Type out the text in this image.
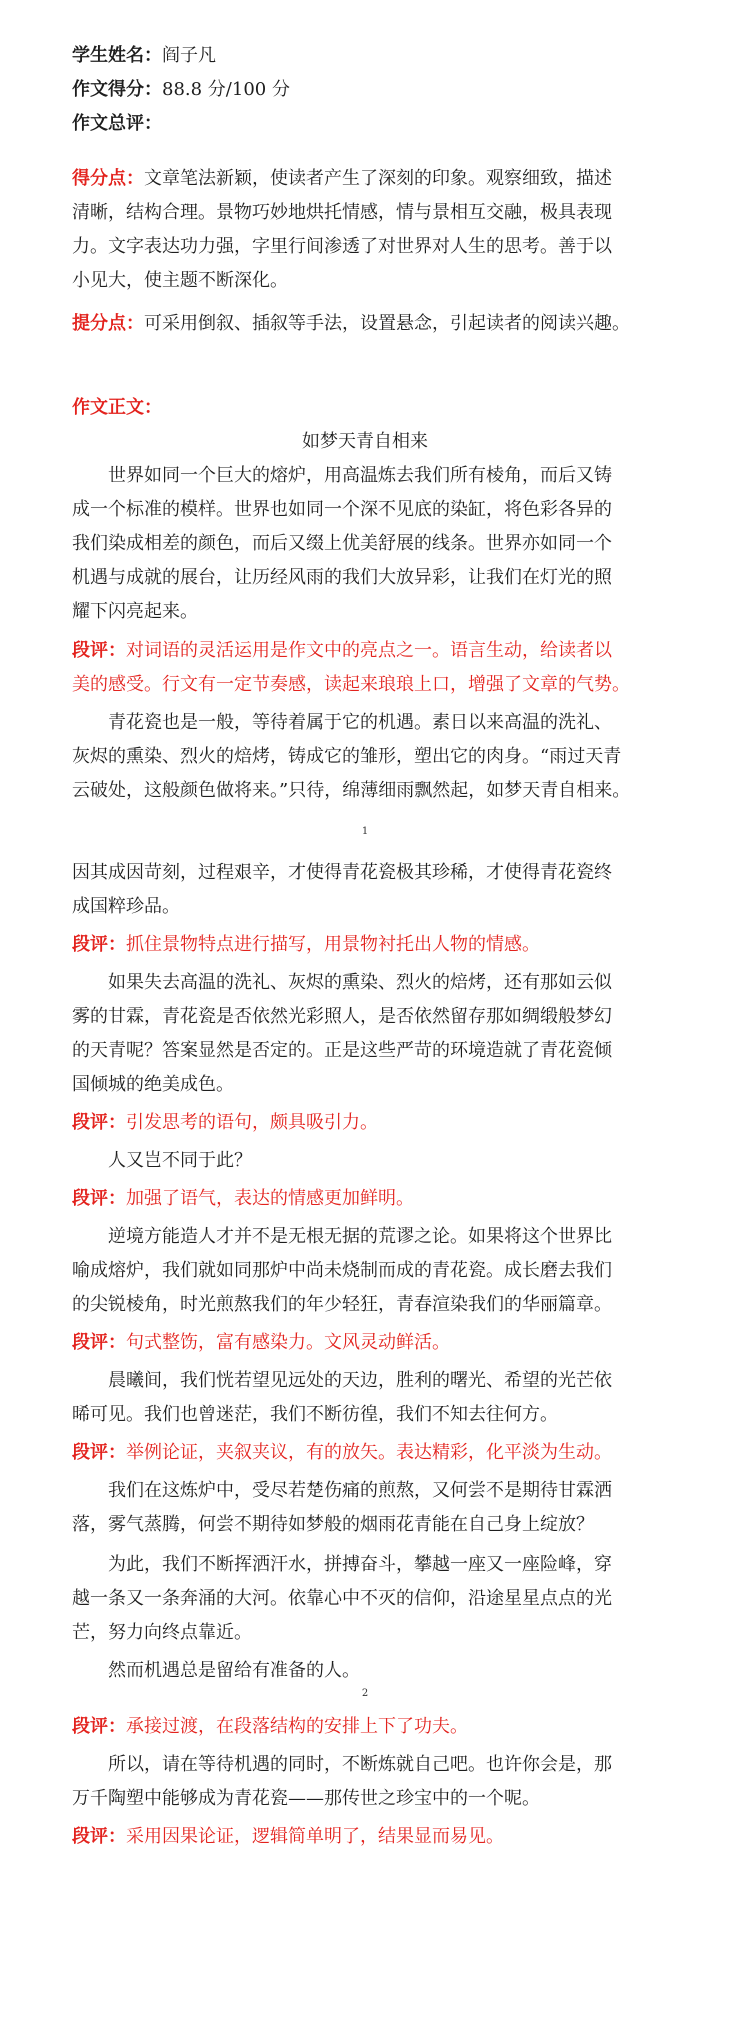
学生姓名：阎子凡
作文得分：88.8 分/100 分
作文总评：
得分点：文章笔法新颖，使读者产生了深刻的印象。观察细致，描述
清晰，结构合理。景物巧妙地烘托情感，情与景相互交融，极具表现
力。文字表达功力强，字里行间渗透了对世界对人生的思考。善于以
小见大，使主题不断深化。
提分点：可采用倒叙、插叙等手法，设置悬念，引起读者的阅读兴趣。
作文正文：
如梦天青自相来
世界如同一个巨大的熔炉，用高温炼去我们所有棱角，而后又铸
成一个标准的模样。世界也如同一个深不见底的染缸，将色彩各异的
我们染成相差的颜色，而后又缀上优美舒展的线条。世界亦如同一个
机遇与成就的展台，让历经风雨的我们大放异彩，让我们在灯光的照
耀下闪亮起来。
段评：对词语的灵活运用是作文中的亮点之一。语言生动，给读者以
美的感受。行文有一定节奏感，读起来琅琅上口，增强了文章的气势。
青花瓷也是一般，等待着属于它的机遇。素日以来高温的洗礼、
灰烬的熏染、烈火的焙烤，铸成它的雏形，塑出它的肉身。“雨过天青
云破处，这般颜色做将来。”只待，绵薄细雨飘然起，如梦天青自相来。
1
因其成因苛刻，过程艰辛，才使得青花瓷极其珍稀，才使得青花瓷终
成国粹珍品。
段评：抓住景物特点进行描写，用景物衬托出人物的情感。
如果失去高温的洗礼、灰烬的熏染、烈火的焙烤，还有那如云似
雾的甘霖，青花瓷是否依然光彩照人，是否依然留存那如绸缎般梦幻
的天青呢？答案显然是否定的。正是这些严苛的环境造就了青花瓷倾
国倾城的绝美成色。
段评：引发思考的语句，颇具吸引力。
人又岂不同于此？
段评：加强了语气，表达的情感更加鲜明。
逆境方能造人才并不是无根无据的荒谬之论。如果将这个世界比
喻成熔炉，我们就如同那炉中尚未烧制而成的青花瓷。成长磨去我们
的尖锐棱角，时光煎熬我们的年少轻狂，青春渲染我们的华丽篇章。
段评：句式整饬，富有感染力。文风灵动鲜活。
晨曦间，我们恍若望见远处的天边，胜利的曙光、希望的光芒依
晞可见。我们也曾迷茫，我们不断彷徨，我们不知去往何方。
段评：举例论证，夹叙夹议，有的放矢。表达精彩，化平淡为生动。
我们在这炼炉中，受尽若楚伤痛的煎熬，又何尝不是期待甘霖洒
落，雾气蒸腾，何尝不期待如梦般的烟雨花青能在自己身上绽放？
为此，我们不断挥洒汗水，拼搏奋斗，攀越一座又一座险峰，穿
越一条又一条奔涌的大河。依靠心中不灭的信仰，沿途星星点点的光
芒，努力向终点靠近。
然而机遇总是留给有准备的人。
2
段评：承接过渡，在段落结构的安排上下了功夫。
所以，请在等待机遇的同时，不断炼就自己吧。也许你会是，那
万千陶塑中能够成为青花瓷——那传世之珍宝中的一个呢。
段评：采用因果论证，逻辑简单明了，结果显而易见。
